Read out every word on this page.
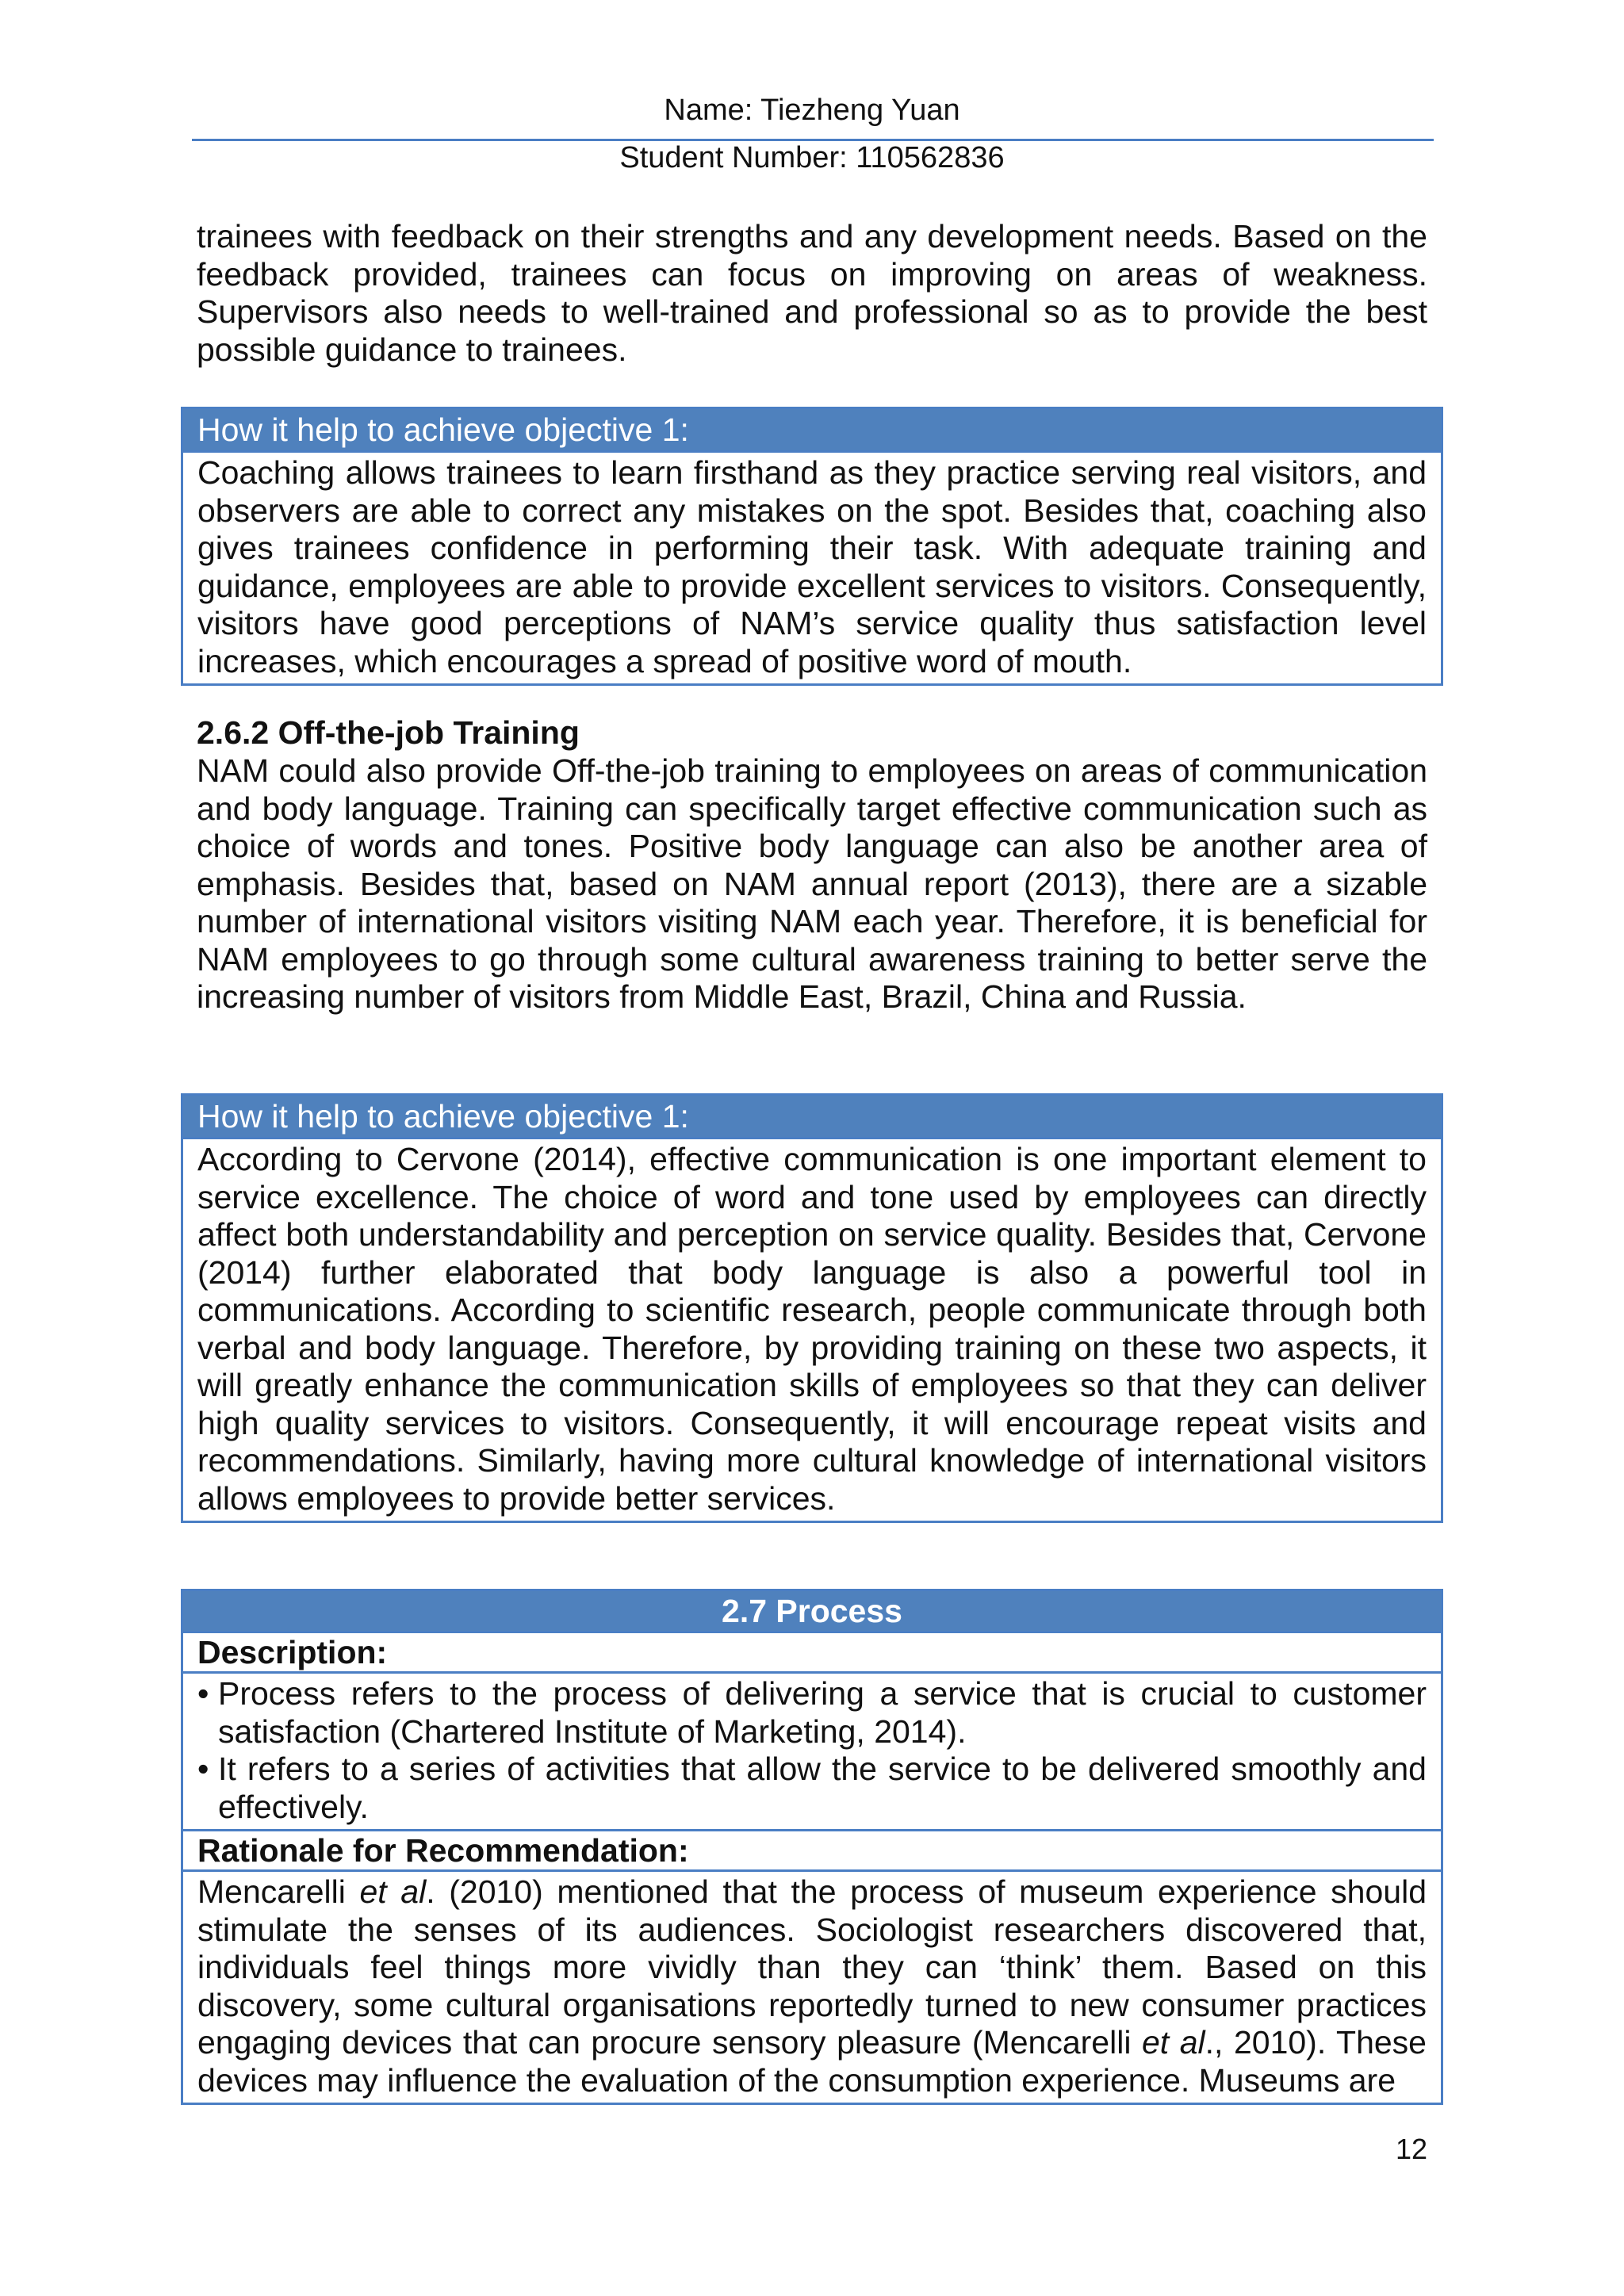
Name: Tiezheng Yuan
Student Number: 110562836
trainees with feedback on their strengths and any development needs. Based on the feedback provided, trainees can focus on improving on areas of weakness. Supervisors also needs to well-trained and professional so as to provide the best possible guidance to trainees.
How it help to achieve objective 1:
Coaching allows trainees to learn firsthand as they practice serving real visitors, and observers are able to correct any mistakes on the spot. Besides that, coaching also gives trainees confidence in performing their task. With adequate training and guidance, employees are able to provide excellent services to visitors. Consequently, visitors have good perceptions of NAM’s service quality thus satisfaction level increases, which encourages a spread of positive word of mouth.
2.6.2 Off-the-job Training
NAM could also provide Off-the-job training to employees on areas of communication and body language. Training can specifically target effective communication such as choice of words and tones. Positive body language can also be another area of emphasis. Besides that, based on NAM annual report (2013), there are a sizable number of international visitors visiting NAM each year. Therefore, it is beneficial for NAM employees to go through some cultural awareness training to better serve the increasing number of visitors from Middle East, Brazil, China and Russia.
How it help to achieve objective 1:
According to Cervone (2014), effective communication is one important element to service excellence. The choice of word and tone used by employees can directly affect both understandability and perception on service quality. Besides that, Cervone (2014) further elaborated that body language is also a powerful tool in communications. According to scientific research, people communicate through both verbal and body language. Therefore, by providing training on these two aspects, it will greatly enhance the communication skills of employees so that they can deliver high quality services to visitors. Consequently, it will encourage repeat visits and recommendations. Similarly, having more cultural knowledge of international visitors allows employees to provide better services.
2.7 Process
Description:
• Process refers to the process of delivering a service that is crucial to customer satisfaction (Chartered Institute of Marketing, 2014).
• It refers to a series of activities that allow the service to be delivered smoothly and effectively.
Rationale for Recommendation:
Mencarelli et al. (2010) mentioned that the process of museum experience should stimulate the senses of its audiences. Sociologist researchers discovered that, individuals feel things more vividly than they can ‘think’ them. Based on this discovery, some cultural organisations reportedly turned to new consumer practices engaging devices that can procure sensory pleasure (Mencarelli et al., 2010). These devices may influence the evaluation of the consumption experience. Museums are
12
